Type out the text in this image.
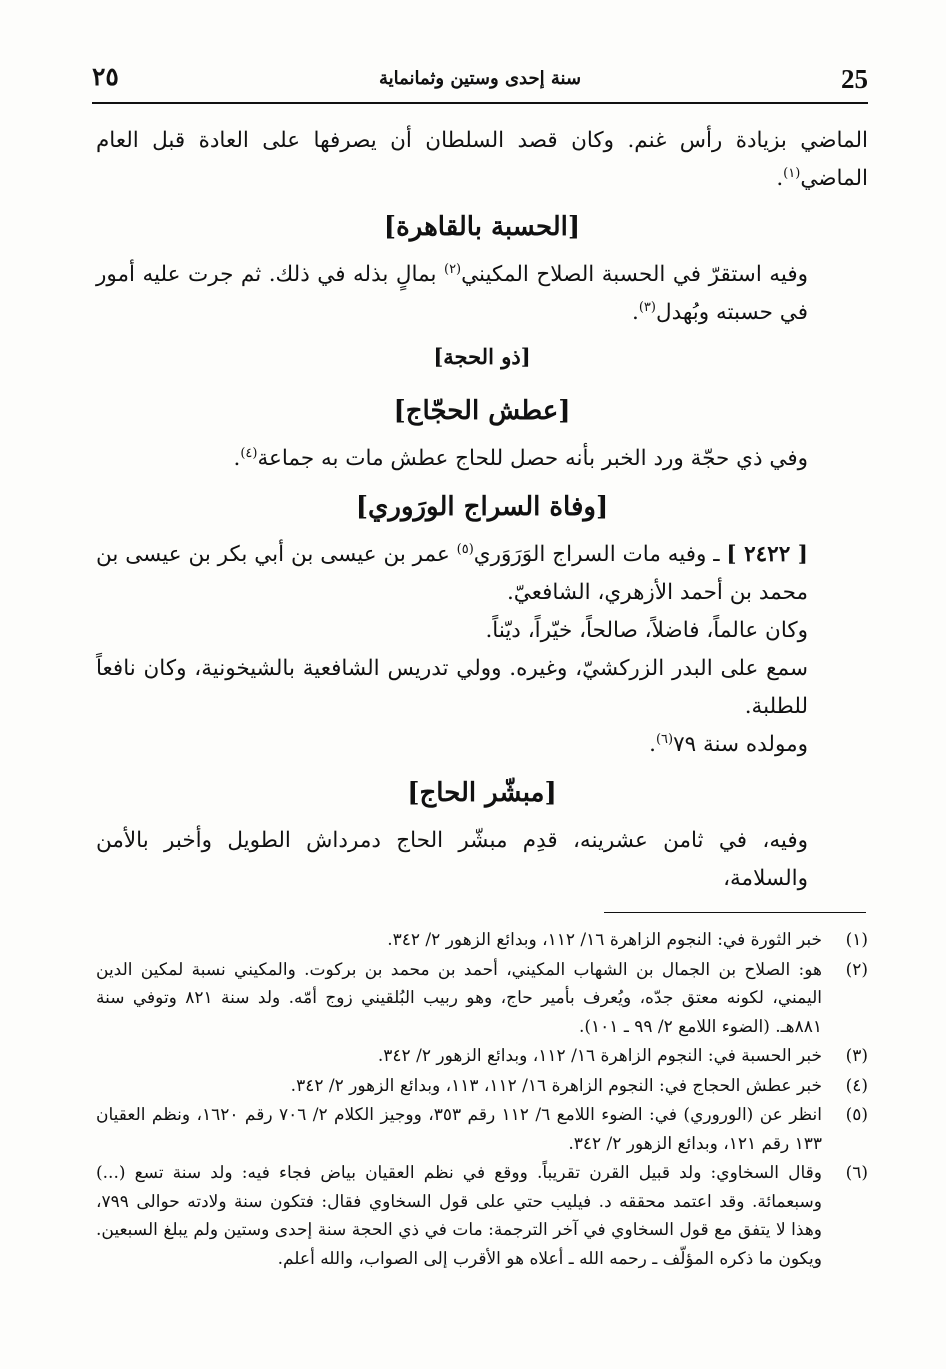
25
سنة إحدى وستين وثمانماية
٢٥

الماضي بزيادة رأس غنم. وكان قصد السلطان أن يصرفها على العادة قبل العام الماضي$^{(١)}$.

[الحسبة بالقاهرة]

وفيه استقرّ في الحسبة الصلاح المكيني$^{(٢)}$ بمالٍ بذله في ذلك. ثم جرت عليه أمور في حسبته وبُهدل$^{(٣)}$.

[ذو الحجة]

[عطش الحجّاج]

وفي ذي حجّة ورد الخبر بأنه حصل للحاج عطش مات به جماعة$^{(٤)}$.

[وفاة السراج الورَوري]

[ ٢٤٢٢ ] ـ وفيه مات السراج الوَرَوَري$^{(٥)}$ عمر بن عيسى بن أبي بكر بن عيسى بن محمد بن أحمد الأزهري، الشافعيّ.

وكان عالماً، فاضلاً، صالحاً، خيّراً، ديّناً.

سمع على البدر الزركشيّ، وغيره. وولي تدريس الشافعية بالشيخونية، وكان نافعاً للطلبة.

ومولده سنة ٧٩$^{(٦)}$.

[مبشّر الحاج]

وفيه، في ثامن عشرينه، قدِم مبشّر الحاج دمرداش الطويل وأخبر بالأمن والسلامة،

(١)
خبر الثورة في: النجوم الزاهرة ١٦/ ١١٢، وبدائع الزهور ٢/ ٣٤٢.
(٢)
هو: الصلاح بن الجمال بن الشهاب المكيني، أحمد بن محمد بن بركوت. والمكيني نسبة لمكين الدين اليمني، لكونه معتق جدّه، ويُعرف بأمير حاج، وهو ربيب البُلقيني زوج أمّه. ولد سنة ٨٢١ وتوفي سنة ٨٨١هـ. (الضوء اللامع ٢/ ٩٩ ـ ١٠١).
(٣)
خبر الحسبة في: النجوم الزاهرة ١٦/ ١١٢، وبدائع الزهور ٢/ ٣٤٢.
(٤)
خبر عطش الحجاج في: النجوم الزاهرة ١٦/ ١١٢، ١١٣، وبدائع الزهور ٢/ ٣٤٢.
(٥)
انظر عن (الوروري) في: الضوء اللامع ٦/ ١١٢ رقم ٣٥٣، ووجيز الكلام ٢/ ٧٠٦ رقم ١٦٢٠، ونظم العقيان ١٣٣ رقم ١٢١، وبدائع الزهور ٢/ ٣٤٢.
(٦)
وقال السخاوي: ولد قبيل القرن تقريباً. ووقع في نظم العقيان بياض فجاء فيه: ولد سنة تسع (...) وسبعمائة. وقد اعتمد محققه د. فيليب حتي على قول السخاوي فقال: فتكون سنة ولادته حوالى ٧٩٩، وهذا لا يتفق مع قول السخاوي في آخر الترجمة: مات في ذي الحجة سنة إحدى وستين ولم يبلغ السبعين. ويكون ما ذكره المؤلّف ـ رحمه الله ـ أعلاه هو الأقرب إلى الصواب، والله أعلم.
